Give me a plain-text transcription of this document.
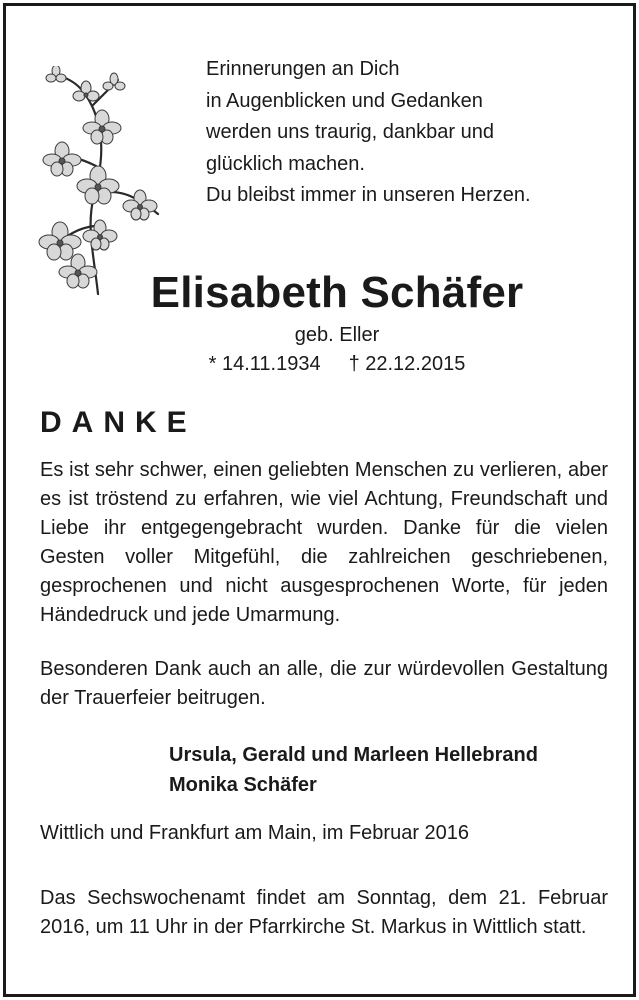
Erinnerungen an Dich
in Augenblicken und Gedanken
werden uns traurig, dankbar und
glücklich machen.
Du bleibst immer in unseren Herzen.
Elisabeth Schäfer
geb. Eller
* 14.11.1934 † 22.12.2015
DANKE
Es ist sehr schwer, einen geliebten Menschen zu verlieren, aber es ist tröstend zu erfahren, wie viel Achtung, Freundschaft und Liebe ihr entgegengebracht wurden. Danke für die vielen Gesten voller Mitgefühl, die zahlreichen geschriebenen, gesprochenen und nicht ausgesprochenen Worte, für jeden Händedruck und jede Umarmung.
Besonderen Dank auch an alle, die zur würdevollen Gestaltung der Trauerfeier beitrugen.
Ursula, Gerald und Marleen Hellebrand
Monika Schäfer
Wittlich und Frankfurt am Main, im Februar 2016
Das Sechswochenamt findet am Sonntag, dem 21. Februar 2016, um 11 Uhr in der Pfarrkirche St. Markus in Wittlich statt.
